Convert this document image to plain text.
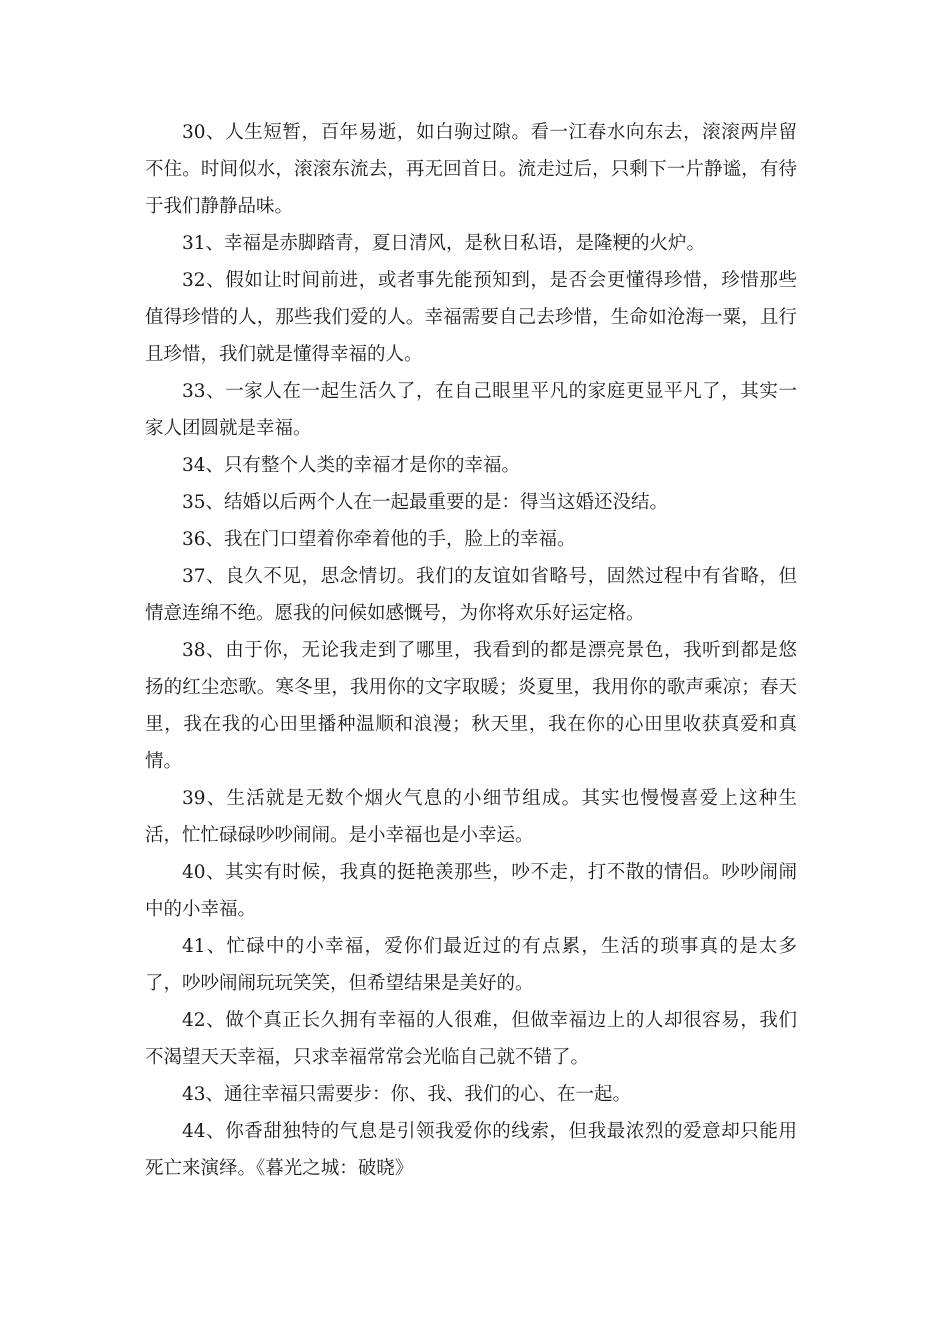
30、人生短暂，百年易逝，如白驹过隙。看一江春水向东去，滚滚两岸留不住。时间似水，滚滚东流去，再无回首日。流走过后，只剩下一片静谧，有待于我们静静品味。

31、幸福是赤脚踏青，夏日清风，是秋日私语，是隆粳的火炉。

32、假如让时间前进，或者事先能预知到，是否会更懂得珍惜，珍惜那些值得珍惜的人，那些我们爱的人。幸福需要自己去珍惜，生命如沧海一粟，且行且珍惜，我们就是懂得幸福的人。

33、一家人在一起生活久了，在自己眼里平凡的家庭更显平凡了，其实一家人团圆就是幸福。

34、只有整个人类的幸福才是你的幸福。

35、结婚以后两个人在一起最重要的是：得当这婚还没结。

36、我在门口望着你牵着他的手，脸上的幸福。

37、良久不见，思念情切。我们的友谊如省略号，固然过程中有省略，但情意连绵不绝。愿我的问候如感慨号，为你将欢乐好运定格。

38、由于你，无论我走到了哪里，我看到的都是漂亮景色，我听到都是悠扬的红尘恋歌。寒冬里，我用你的文字取暖；炎夏里，我用你的歌声乘凉；春天里，我在我的心田里播种温顺和浪漫；秋天里，我在你的心田里收获真爱和真情。

39、生活就是无数个烟火气息的小细节组成。其实也慢慢喜爱上这种生活，忙忙碌碌吵吵闹闹。是小幸福也是小幸运。

40、其实有时候，我真的挺艳羡那些，吵不走，打不散的情侣。吵吵闹闹中的小幸福。

41、忙碌中的小幸福，爱你们最近过的有点累，生活的琐事真的是太多了，吵吵闹闹玩玩笑笑，但希望结果是美好的。

42、做个真正长久拥有幸福的人很难，但做幸福边上的人却很容易，我们不渴望天天幸福，只求幸福常常会光临自己就不错了。

43、通往幸福只需要步：你、我、我们的心、在一起。

44、你香甜独特的气息是引领我爱你的线索，但我最浓烈的爱意却只能用死亡来演绎。《暮光之城：破晓》
